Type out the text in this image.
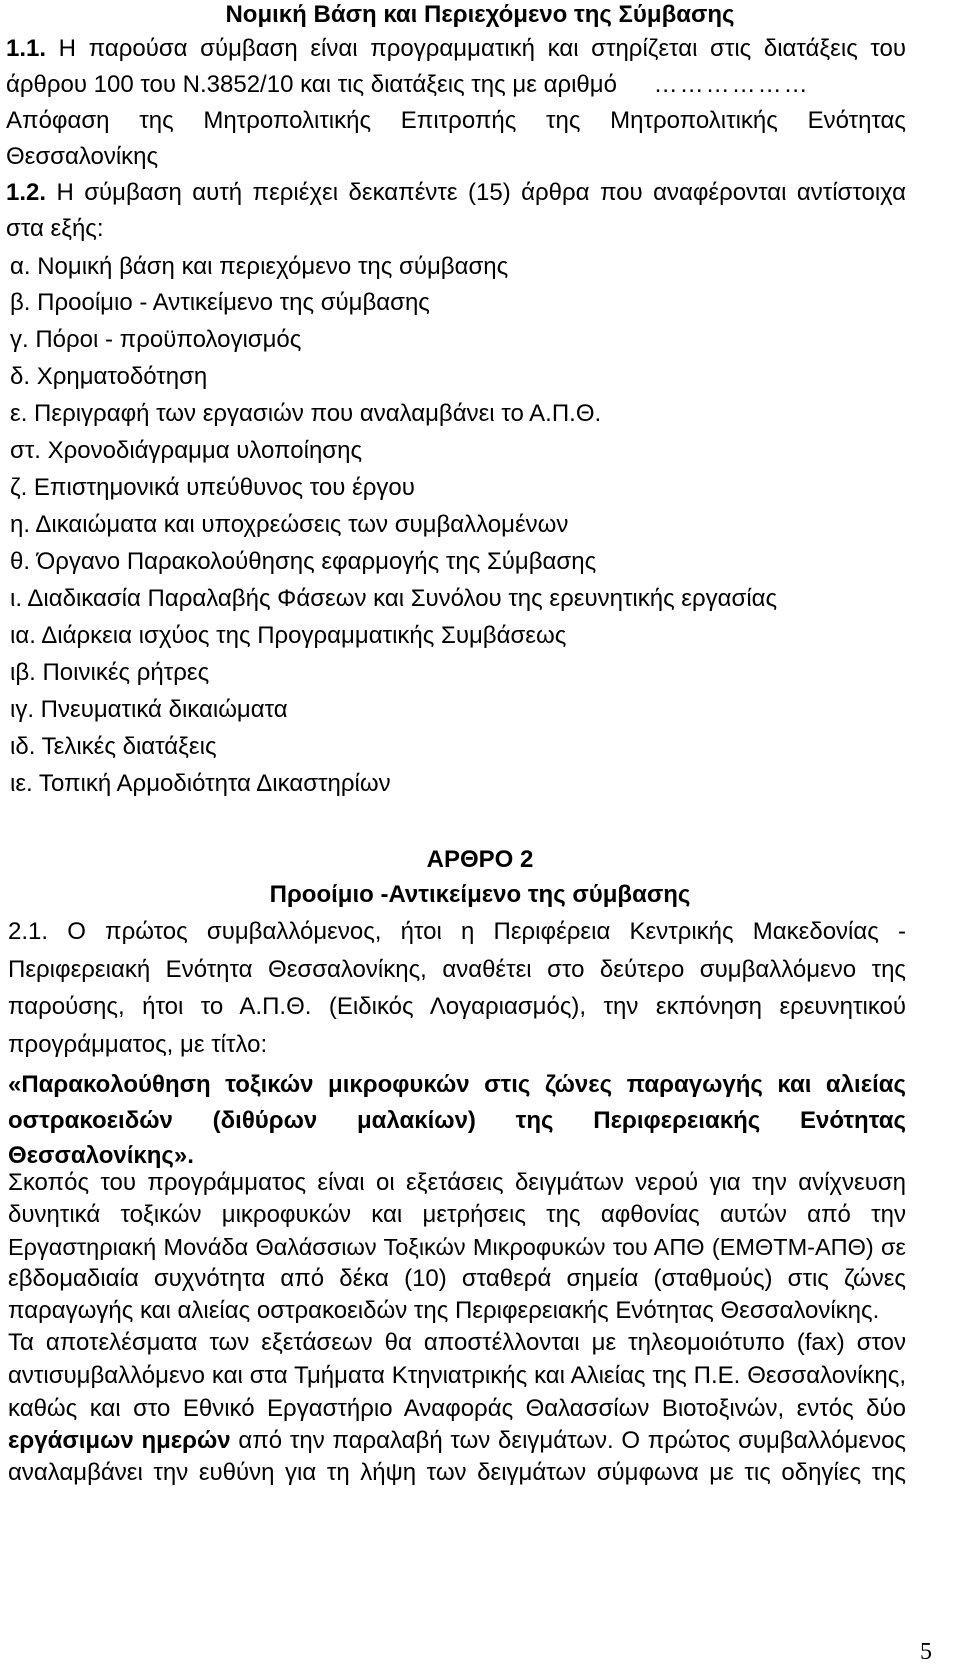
Νομική Βάση και Περιεχόμενο της Σύμβασης
1.1. Η παρούσα σύμβαση είναι προγραμματική και στηρίζεται στις διατάξεις του
άρθρου 100 του Ν.3852/10 και τις διατάξεις της με αριθμό ………………
Απόφαση της Μητροπολιτικής Επιτροπής της Μητροπολιτικής Ενότητας
Θεσσαλονίκης
1.2. Η σύμβαση αυτή περιέχει δεκαπέντε (15) άρθρα που αναφέρονται αντίστοιχα
στα εξής:
α. Νομική βάση και περιεχόμενο της σύμβασης
β. Προοίμιο - Αντικείμενο της σύμβασης
γ. Πόροι - προϋπολογισμός
δ. Χρηματοδότηση
ε. Περιγραφή των εργασιών που αναλαμβάνει το Α.Π.Θ.
στ. Χρονοδιάγραμμα υλοποίησης
ζ. Επιστημονικά υπεύθυνος του έργου
η. Δικαιώματα και υποχρεώσεις των συμβαλλομένων
θ. Όργανο Παρακολούθησης εφαρμογής της Σύμβασης
ι. Διαδικασία Παραλαβής Φάσεων και Συνόλου της ερευνητικής εργασίας
ια. Διάρκεια ισχύος της Προγραμματικής Συμβάσεως
ιβ. Ποινικές ρήτρες
ιγ. Πνευματικά δικαιώματα
ιδ. Τελικές διατάξεις
ιε. Τοπική Αρμοδιότητα Δικαστηρίων
ΑΡΘΡΟ 2
Προοίμιο -Αντικείμενο της σύμβασης
2.1. Ο πρώτος συμβαλλόμενος, ήτοι η Περιφέρεια Κεντρικής Μακεδονίας -
Περιφερειακή Ενότητα Θεσσαλονίκης, αναθέτει στο δεύτερο συμβαλλόμενο της
παρούσης, ήτοι το Α.Π.Θ. (Ειδικός Λογαριασμός), την εκπόνηση ερευνητικού
προγράμματος, με τίτλο:
«Παρακολούθηση τοξικών μικροφυκών στις ζώνες παραγωγής και αλιείας
οστρακοειδών (διθύρων μαλακίων) της Περιφερειακής Ενότητας
Θεσσαλονίκης».
Σκοπός του προγράμματος είναι οι εξετάσεις δειγμάτων νερού για την ανίχνευση
δυνητικά τοξικών μικροφυκών και μετρήσεις της αφθονίας αυτών από την
Εργαστηριακή Μονάδα Θαλάσσιων Τοξικών Μικροφυκών του ΑΠΘ (ΕΜΘΤΜ-ΑΠΘ) σε
εβδομαδιαία συχνότητα από δέκα (10) σταθερά σημεία (σταθμούς) στις ζώνες
παραγωγής και αλιείας οστρακοειδών της Περιφερειακής Ενότητας Θεσσαλονίκης.
Τα αποτελέσματα των εξετάσεων θα αποστέλλονται με τηλεομοιότυπο (fax) στον
αντισυμβαλλόμενο και στα Τμήματα Κτηνιατρικής και Αλιείας της Π.Ε. Θεσσαλονίκης,
καθώς και στο Εθνικό Εργαστήριο Αναφοράς Θαλασσίων Βιοτοξινών, εντός δύο
εργάσιμων ημερών από την παραλαβή των δειγμάτων. Ο πρώτος συμβαλλόμενος
αναλαμβάνει την ευθύνη για τη λήψη των δειγμάτων σύμφωνα με τις οδηγίες της
5
